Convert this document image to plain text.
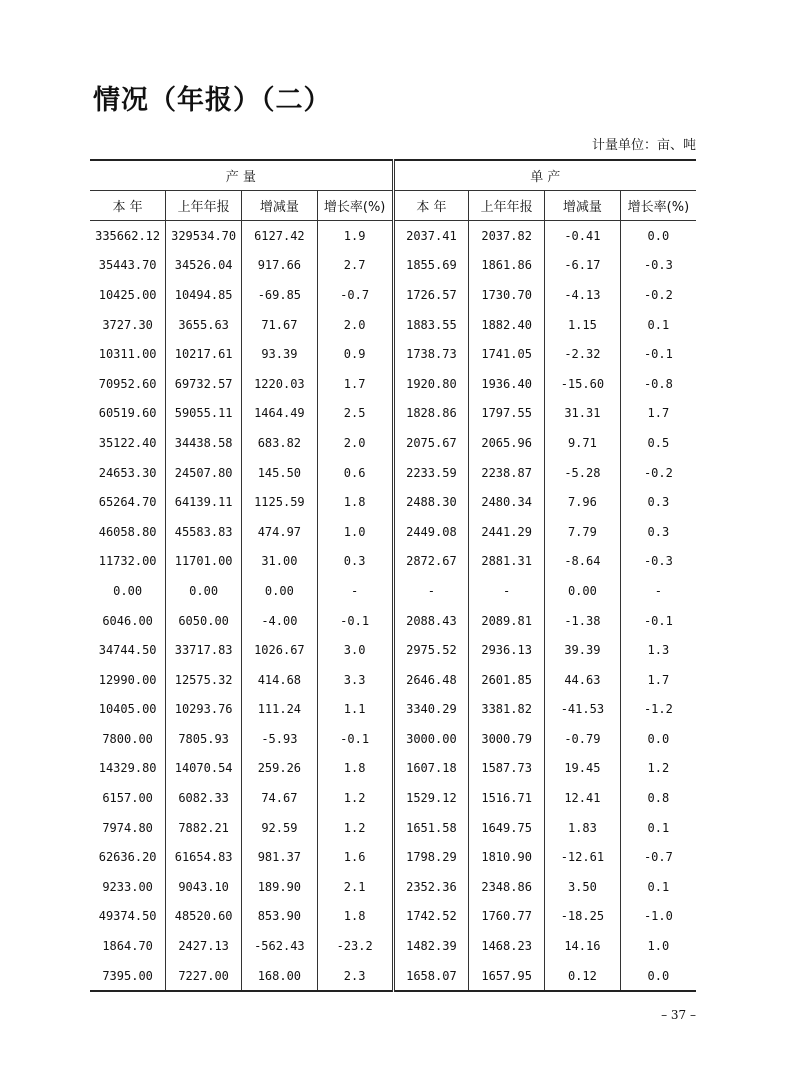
情况（年报）（二）
计量单位：亩、吨
产 量				单 产			
本 年	上年年报	增减量	增长率(%)	本 年	上年年报	增减量	增长率(%)
335662.12	329534.70	6127.42	1.9	2037.41	2037.82	-0.41	0.0
35443.70	34526.04	917.66	2.7	1855.69	1861.86	-6.17	-0.3
10425.00	10494.85	-69.85	-0.7	1726.57	1730.70	-4.13	-0.2
3727.30	3655.63	71.67	2.0	1883.55	1882.40	1.15	0.1
10311.00	10217.61	93.39	0.9	1738.73	1741.05	-2.32	-0.1
70952.60	69732.57	1220.03	1.7	1920.80	1936.40	-15.60	-0.8
60519.60	59055.11	1464.49	2.5	1828.86	1797.55	31.31	1.7
35122.40	34438.58	683.82	2.0	2075.67	2065.96	9.71	0.5
24653.30	24507.80	145.50	0.6	2233.59	2238.87	-5.28	-0.2
65264.70	64139.11	1125.59	1.8	2488.30	2480.34	7.96	0.3
46058.80	45583.83	474.97	1.0	2449.08	2441.29	7.79	0.3
11732.00	11701.00	31.00	0.3	2872.67	2881.31	-8.64	-0.3
0.00	0.00	0.00	-	-	-	0.00	-
6046.00	6050.00	-4.00	-0.1	2088.43	2089.81	-1.38	-0.1
34744.50	33717.83	1026.67	3.0	2975.52	2936.13	39.39	1.3
12990.00	12575.32	414.68	3.3	2646.48	2601.85	44.63	1.7
10405.00	10293.76	111.24	1.1	3340.29	3381.82	-41.53	-1.2
7800.00	7805.93	-5.93	-0.1	3000.00	3000.79	-0.79	0.0
14329.80	14070.54	259.26	1.8	1607.18	1587.73	19.45	1.2
6157.00	6082.33	74.67	1.2	1529.12	1516.71	12.41	0.8
7974.80	7882.21	92.59	1.2	1651.58	1649.75	1.83	0.1
62636.20	61654.83	981.37	1.6	1798.29	1810.90	-12.61	-0.7
9233.00	9043.10	189.90	2.1	2352.36	2348.86	3.50	0.1
49374.50	48520.60	853.90	1.8	1742.52	1760.77	-18.25	-1.0
1864.70	2427.13	-562.43	-23.2	1482.39	1468.23	14.16	1.0
7395.00	7227.00	168.00	2.3	1658.07	1657.95	0.12	0.0
– 37 –
